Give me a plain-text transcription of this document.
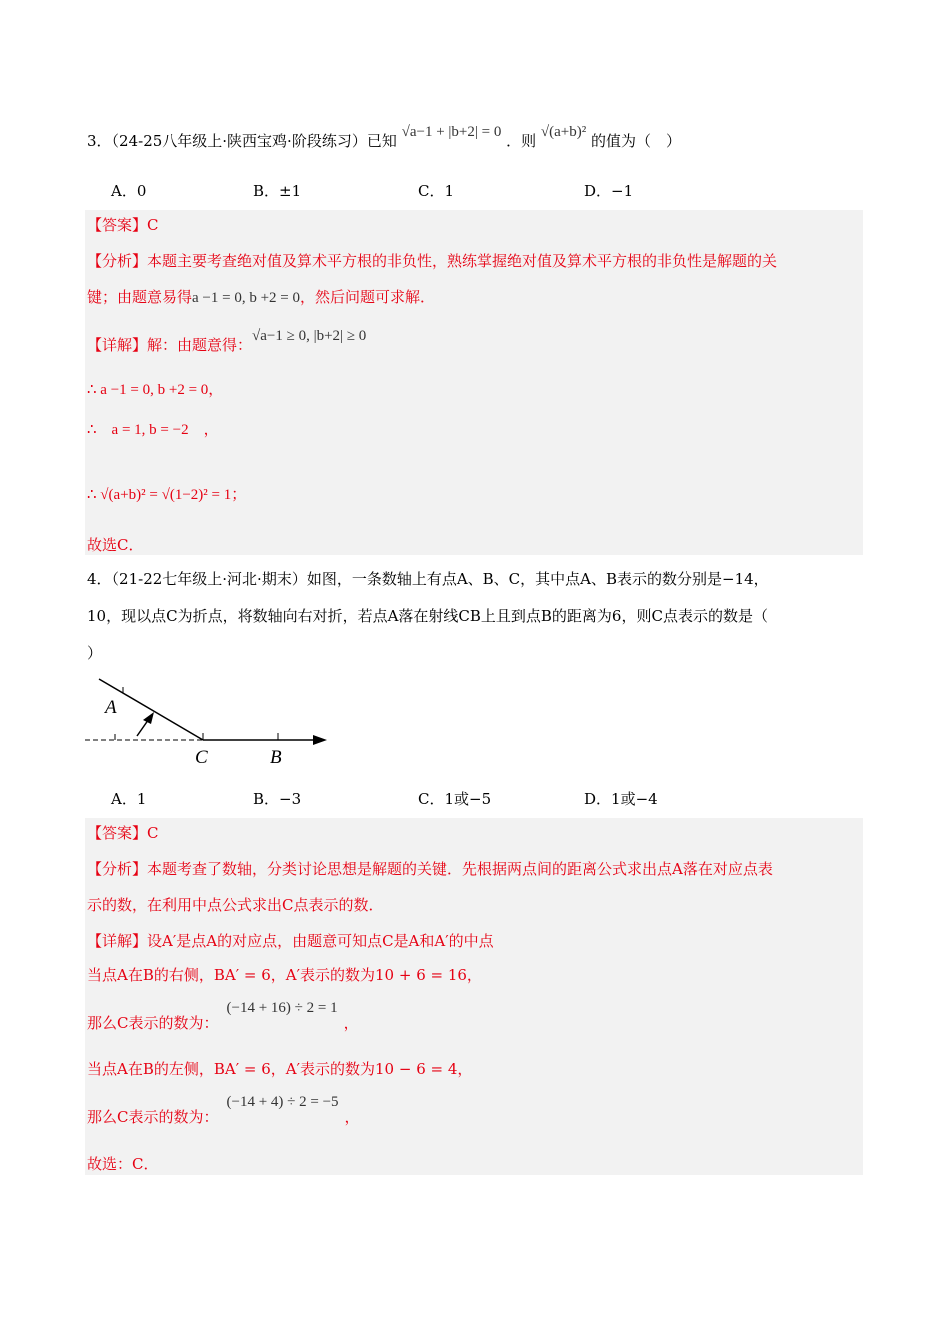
3．（24-25八年级上·陕西宝鸡·阶段练习）已知 √a−1 + |b+2| = 0 ．则 √(a+b)² 的值为（　）
A．0	B．±1	C．1	D．−1
【答案】C
【分析】本题主要考查绝对值及算术平方根的非负性，熟练掌握绝对值及算术平方根的非负性是解题的关
键；由题意易得a −1 = 0, b +2 = 0，然后问题可求解．
【详解】解：由题意得：√a−1 ≥ 0, |b+2| ≥ 0
∴ a −1 = 0, b +2 = 0，
∴　a = 1, b = −2　，
∴ √(a+b)² = √(1−2)² = 1；
故选C．
4．（21-22七年级上·河北·期末）如图，一条数轴上有点A、B、C，其中点A、B表示的数分别是−14，
10，现以点C为折点，将数轴向右对折，若点A落在射线CB上且到点B的距离为6，则C点表示的数是（
）
A
C	B
A．1	B．−3	C．1或−5	D．1或−4
【答案】C
【分析】本题考查了数轴，分类讨论思想是解题的关键．先根据两点间的距离公式求出点A落在对应点表
示的数，在利用中点公式求出C点表示的数．
【详解】设A′是点A的对应点，由题意可知点C是A和A′的中点
当点A在B的右侧，BA′ = 6，A′表示的数为10 + 6 = 16，
那么C表示的数为：(−14 + 16) ÷ 2 = 1，
当点A在B的左侧，BA′ = 6，A′表示的数为10 − 6 = 4，
那么C表示的数为：(−14 + 4) ÷ 2 = −5，
故选：C．
